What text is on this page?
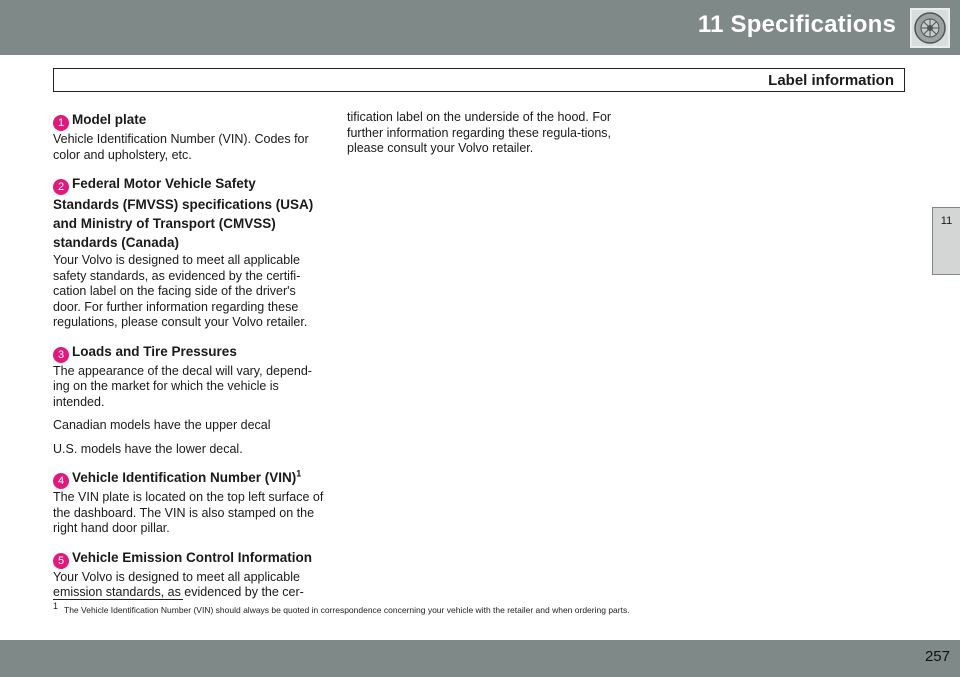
11 Specifications
Label information
11
1 Model plate

Vehicle Identification Number (VIN). Codes for color and upholstery, etc.

2 Federal Motor Vehicle Safety Standards (FMVSS) specifications (USA) and Ministry of Transport (CMVSS) standards (Canada)

Your Volvo is designed to meet all applicable safety standards, as evidenced by the certifi-cation label on the facing side of the driver's door. For further information regarding these regulations, please consult your Volvo retailer.

3 Loads and Tire Pressures

The appearance of the decal will vary, depend-ing on the market for which the vehicle is intended.

Canadian models have the upper decal

U.S. models have the lower decal.

4 Vehicle Identification Number (VIN)$^1$

The VIN plate is located on the top left surface of the dashboard. The VIN is also stamped on the right hand door pillar.

5 Vehicle Emission Control Information

Your Volvo is designed to meet all applicable emission standards, as evidenced by the cer-

tification label on the underside of the hood. For further information regarding these regula-tions, please consult your Volvo retailer.

$^1$ The Vehicle Identification Number (VIN) should always be quoted in correspondence concerning your vehicle with the retailer and when ordering parts.
257
